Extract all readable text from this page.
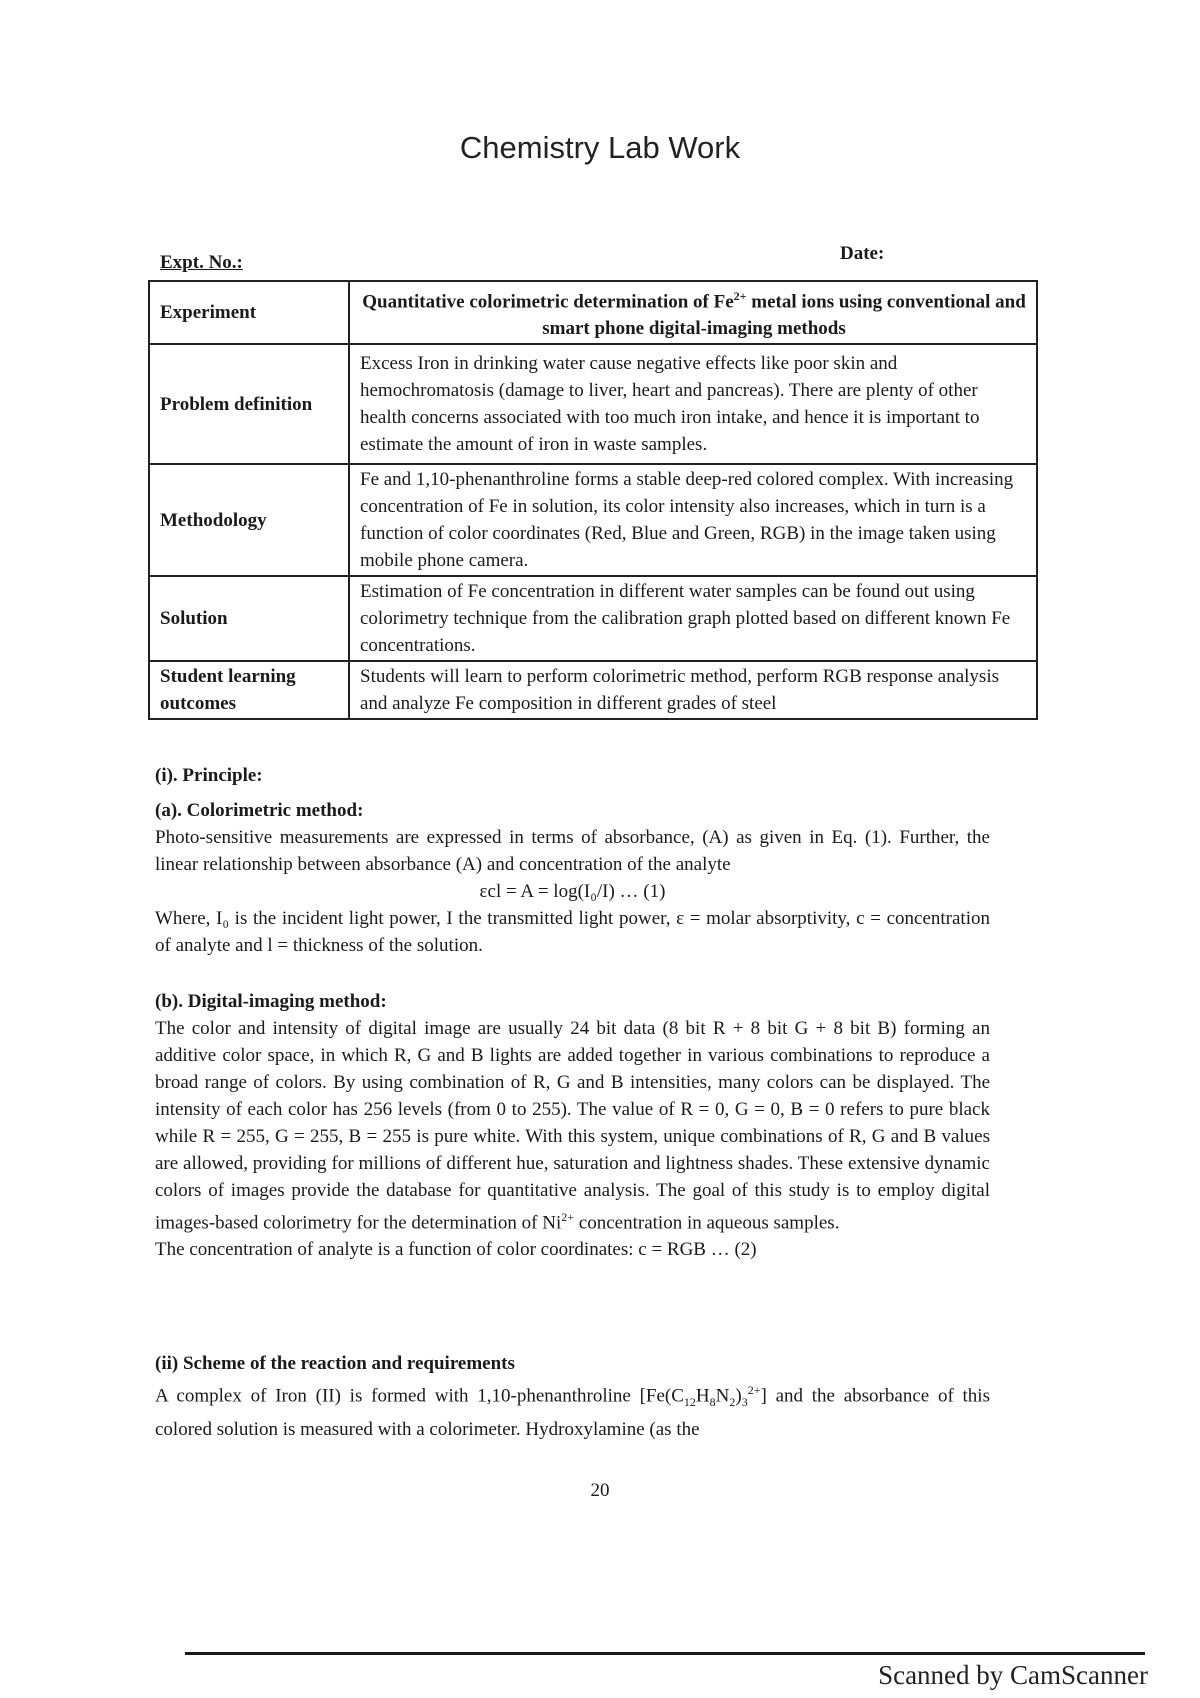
Chemistry Lab Work
Expt. No.:	Date:
Experiment	Quantitative colorimetric determination of $Fe^{2+}$ metal ions using conventional and smart phone digital-imaging methods
Problem definition	Excess Iron in drinking water cause negative effects like poor skin and hemochromatosis (damage to liver, heart and pancreas). There are plenty of other health concerns associated with too much iron intake, and hence it is important to estimate the amount of iron in waste samples.
Methodology	Fe and 1,10-phenanthroline forms a stable deep-red colored complex. With increasing concentration of Fe in solution, its color intensity also increases, which in turn is a function of color coordinates (Red, Blue and Green, RGB) in the image taken using mobile phone camera.
Solution	Estimation of Fe concentration in different water samples can be found out using colorimetry technique from the calibration graph plotted based on different known Fe concentrations.
Student learning outcomes	Students will learn to perform colorimetric method, perform RGB response analysis and analyze Fe composition in different grades of steel
(i). Principle:
(a). Colorimetric method:
Photo-sensitive measurements are expressed in terms of absorbance, (A) as given in Eq. (1). Further, the linear relationship between absorbance (A) and concentration of the analyte
εcl = A = log(I₀/I) … (1)
Where, I₀ is the incident light power, I the transmitted light power, ε = molar absorptivity, c = concentration of analyte and l = thickness of the solution.
(b). Digital-imaging method:
The color and intensity of digital image are usually 24 bit data (8 bit R + 8 bit G + 8 bit B) forming an additive color space, in which R, G and B lights are added together in various combinations to reproduce a broad range of colors. By using combination of R, G and B intensities, many colors can be displayed. The intensity of each color has 256 levels (from 0 to 255). The value of R = 0, G = 0, B = 0 refers to pure black while R = 255, G = 255, B = 255 is pure white. With this system, unique combinations of R, G and B values are allowed, providing for millions of different hue, saturation and lightness shades. These extensive dynamic colors of images provide the database for quantitative analysis. The goal of this study is to employ digital images-based colorimetry for the determination of $Ni^{2+}$ concentration in aqueous samples.
The concentration of analyte is a function of color coordinates: c = RGB … (2)
(ii) Scheme of the reaction and requirements
A complex of Iron (II) is formed with 1,10-phenanthroline $[Fe(C_{12}H_8N_2)_3^{2+}]$ and the absorbance of this colored solution is measured with a colorimeter. Hydroxylamine (as the
20
Scanned by CamScanner
